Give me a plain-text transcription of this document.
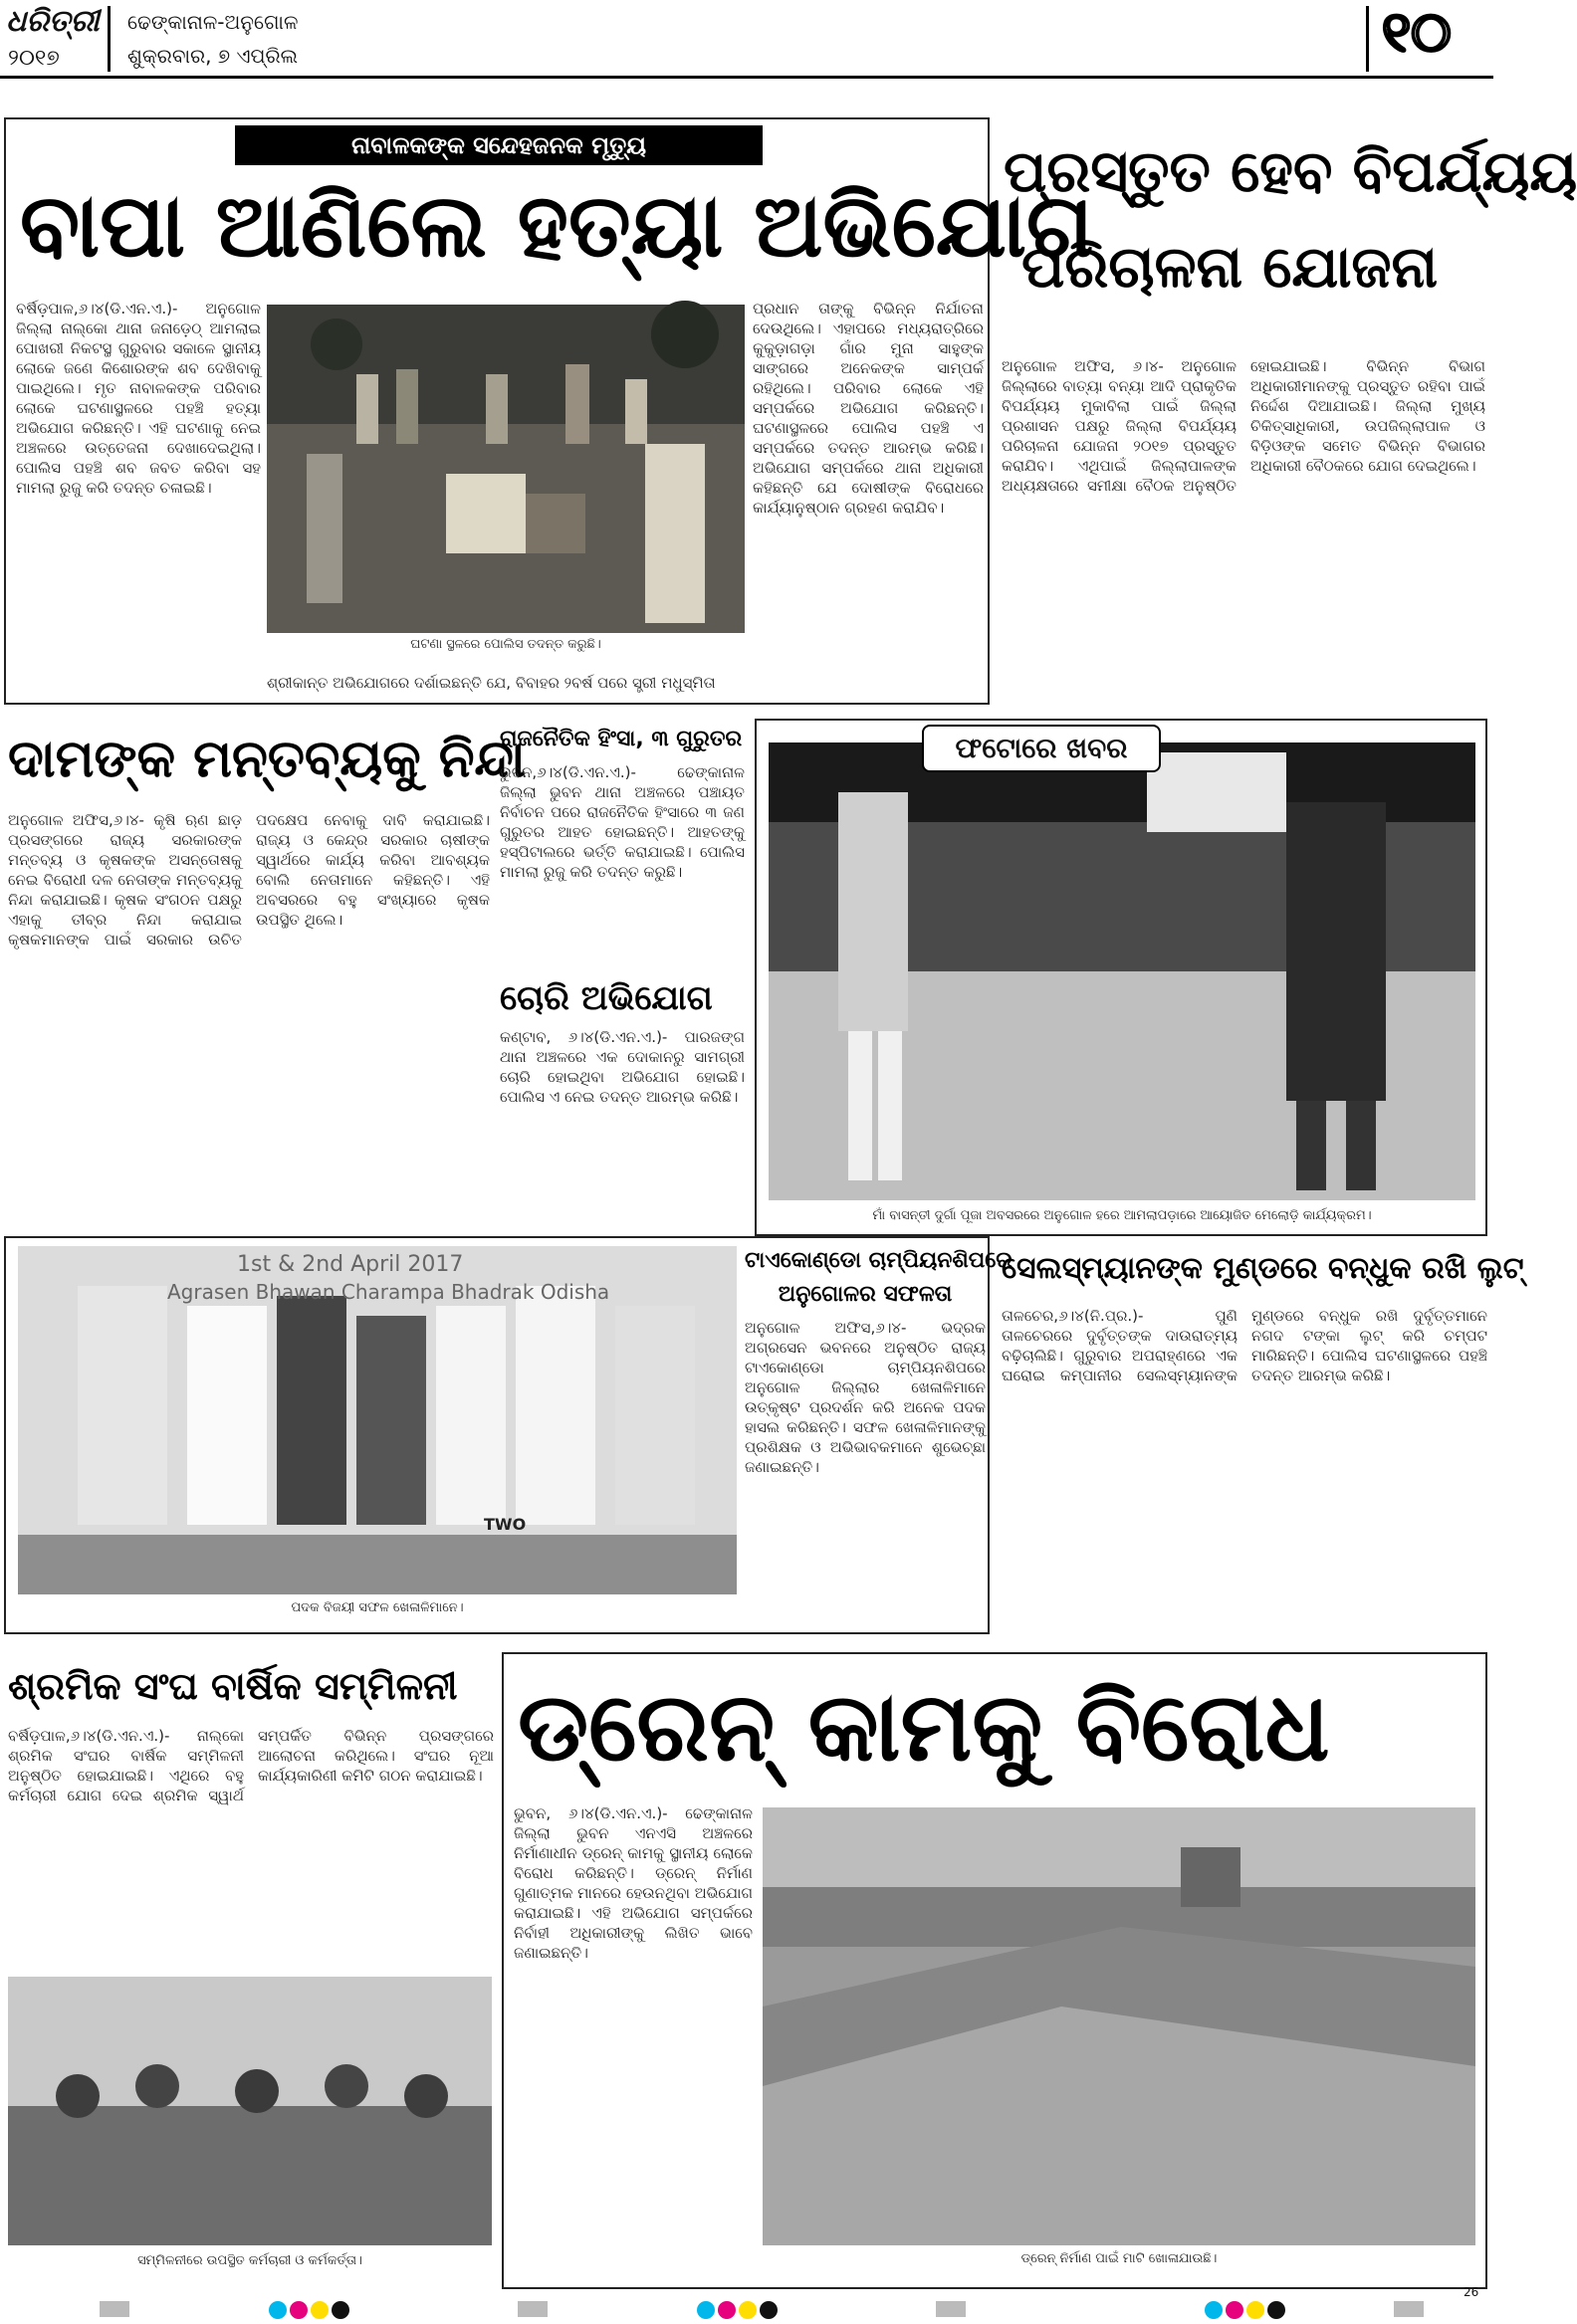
ଧରିତ୍ରୀ
୨୦୧୭
ଢେଙ୍କାନାଳ-ଅନୁଗୋଳ
ଶୁକ୍ରବାର, ୭ ଏପ୍ରିଲ	୧୦
ନାବାଳକଙ୍କ ସନ୍ଦେହଜନକ ମୃତ୍ୟୁ
ବାପା ଆଣିଲେ ହତ୍ୟା ଅଭିଯୋଗ
ବର୍ଷିଡ଼ପାଳ,୬।୪(ଡି.ଏନ.ଏ.)- ଅନୁଗୋଳ ଜିଲ୍ଲା ନାଲ୍କୋ ଥାନା ଜନାଡ଼େଠ୍ ଆମଲାଇ ପୋଖରୀ ନିକଟସ୍ଥ ଗୁରୁବାର ସକାଳେ ସ୍ଥାନୀୟ ଲୋକେ ଜଣେ କିଶୋରଙ୍କ ଶବ ଦେଖିବାକୁ ପାଇଥିଲେ। ମୃତ ନାବାଳକଙ୍କ ପରିବାର ଲୋକେ ଘଟଣାସ୍ଥଳରେ ପହଞ୍ଚି ହତ୍ୟା ଅଭିଯୋଗ କରିଛନ୍ତି। ଏହି ଘଟଣାକୁ ନେଇ ଅଞ୍ଚଳରେ ଉତ୍ତେଜନା ଦେଖାଦେଇଥିଲା। ପୋଲିସ ପହଞ୍ଚି ଶବ ଜବତ କରିବା ସହ ମାମଲା ରୁଜୁ କରି ତଦନ୍ତ ଚଳାଇଛି।
ଘଟଣା ସ୍ଥଳରେ ପୋଲିସ ତଦନ୍ତ କରୁଛି।
ପ୍ରଧାନ ତାଙ୍କୁ ବିଭିନ୍ନ ନିର୍ଯାତନା ଦେଉଥିଲେ। ଏହାପରେ ମଧ୍ୟରାତ୍ରିରେ କୁକୁଡ଼ାଗଡ଼ା ଗାଁର ମୁନା ସାହୁଙ୍କ ସାଙ୍ଗରେ ଅନେକଙ୍କ ସାମ୍ପର୍କ ରହିଥିଲେ। ପରିବାର ଲୋକେ ଏହି ସମ୍ପର୍କରେ ଅଭିଯୋଗ କରିଛନ୍ତି। ଘଟଣାସ୍ଥଳରେ ପୋଲିସ ପହଞ୍ଚି ଏ ସମ୍ପର୍କରେ ତଦନ୍ତ ଆରମ୍ଭ କରିଛି। ଅଭିଯୋଗ ସମ୍ପର୍କରେ ଥାନା ଅଧିକାରୀ କହିଛନ୍ତି ଯେ ଦୋଷୀଙ୍କ ବିରୋଧରେ କାର୍ଯ୍ୟାନୁଷ୍ଠାନ ଗ୍ରହଣ କରାଯିବ।
ଶ୍ରୀକାନ୍ତ ଅଭିଯୋଗରେ ଦର୍ଶାଇଛନ୍ତି ଯେ, ବିବାହର ୨ବର୍ଷ ପରେ ସ୍ତ୍ରୀ ମଧୁସ୍ମିତା
ପ୍ରସ୍ତୁତ ହେବ ବିପର୍ଯ୍ୟୟ
ପରିଚାଳନା ଯୋଜନା
ଅନୁଗୋଳ ଅଫିସ, ୬।୪- ଅନୁଗୋଳ ଜିଲ୍ଲାରେ ବାତ୍ୟା ବନ୍ୟା ଆଦି ପ୍ରାକୃତିକ ବିପର୍ଯ୍ୟୟ ମୁକାବିଲା ପାଇଁ ଜିଲ୍ଲା ପ୍ରଶାସନ ପକ୍ଷରୁ ଜିଲ୍ଲା ବିପର୍ଯ୍ୟୟ ପରିଚାଳନା ଯୋଜନା ୨୦୧୭ ପ୍ରସ୍ତୁତ କରାଯିବ। ଏଥିପାଇଁ ଜିଲ୍ଲାପାଳଙ୍କ ଅଧ୍ୟକ୍ଷତାରେ ସମୀକ୍ଷା ବୈଠକ ଅନୁଷ୍ଠିତ ହୋଇଯାଇଛି। ବିଭିନ୍ନ ବିଭାଗ ଅଧିକାରୀମାନଙ୍କୁ ପ୍ରସ୍ତୁତ ରହିବା ପାଇଁ ନିର୍ଦ୍ଦେଶ ଦିଆଯାଇଛି। ଜିଲ୍ଲା ମୁଖ୍ୟ ଚିକିତ୍ସାଧିକାରୀ, ଉପଜିଲ୍ଲାପାଳ ଓ ବିଡ଼ିଓଙ୍କ ସମେତ ବିଭିନ୍ନ ବିଭାଗର ଅଧିକାରୀ ବୈଠକରେ ଯୋଗ ଦେଇଥିଲେ।
ଦାମଙ୍କ ମନ୍ତବ୍ୟକୁ ନିନ୍ଦା
ଅନୁଗୋଳ ଅଫିସ,୬।୪- କୃଷି ଋଣ ଛାଡ଼ ପ୍ରସଙ୍ଗରେ ରାଜ୍ୟ ସରକାରଙ୍କ ମନ୍ତବ୍ୟ ଓ କୃଷକଙ୍କ ଅସନ୍ତୋଷକୁ ନେଇ ବିରୋଧୀ ଦଳ ନେତାଙ୍କ ମନ୍ତବ୍ୟକୁ ନିନ୍ଦା କରାଯାଇଛି। କୃଷକ ସଂଗଠନ ପକ୍ଷରୁ ଏହାକୁ ତୀବ୍ର ନିନ୍ଦା କରାଯାଇ କୃଷକମାନଙ୍କ ପାଇଁ ସରକାର ଉଚିତ ପଦକ୍ଷେପ ନେବାକୁ ଦାବି କରାଯାଇଛି। ରାଜ୍ୟ ଓ କେନ୍ଦ୍ର ସରକାର ଚାଷୀଙ୍କ ସ୍ୱାର୍ଥରେ କାର୍ଯ୍ୟ କରିବା ଆବଶ୍ୟକ ବୋଲି ନେତାମାନେ କହିଛନ୍ତି। ଏହି ଅବସରରେ ବହୁ ସଂଖ୍ୟାରେ କୃଷକ ଉପସ୍ଥିତ ଥିଲେ।
ରାଜନୈତିକ ହିଂସା, ୩ ଗୁରୁତର
ଭୁବନ,୬।୪(ଡି.ଏନ.ଏ.)- ଢେଙ୍କାନାଳ ଜିଲ୍ଲା ଭୁବନ ଥାନା ଅଞ୍ଚଳରେ ପଞ୍ଚାୟତ ନିର୍ବାଚନ ପରେ ରାଜନୈତିକ ହିଂସାରେ ୩ ଜଣ ଗୁରୁତର ଆହତ ହୋଇଛନ୍ତି। ଆହତଙ୍କୁ ହସ୍ପିଟାଲରେ ଭର୍ତ୍ତି କରାଯାଇଛି। ପୋଲିସ ମାମଲା ରୁଜୁ କରି ତଦନ୍ତ କରୁଛି।
ଚୋରି ଅଭିଯୋଗ
କଣ୍ଟାବ, ୬।୪(ଡି.ଏନ.ଏ.)- ପାରଜଙ୍ଗ ଥାନା ଅଞ୍ଚଳରେ ଏକ ଦୋକାନରୁ ସାମଗ୍ରୀ ଚୋରି ହୋଇଥିବା ଅଭିଯୋଗ ହୋଇଛି। ପୋଲିସ ଏ ନେଇ ତଦନ୍ତ ଆରମ୍ଭ କରିଛି।
ଫଟୋରେ ଖବର
ମାଁ ବାସନ୍ତୀ ଦୁର୍ଗା ପୂଜା ଅବସରରେ ଅନୁଗୋଳ ହରେ ଆମଲାପଡ଼ାରେ ଆୟୋଜିତ ମେଲୋଡ଼ି କାର୍ଯ୍ୟକ୍ରମ।
1st & 2nd April 2017
Agrasen Bhawan Charampa Bhadrak Odisha
TWO
ପଦକ ବିଜୟୀ ସଫଳ ଖେଳାଳିମାନେ।
ଟାଏକୋଣ୍ଡୋ ଚାମ୍ପିୟନଶିପରେ
ଅନୁଗୋଳର ସଫଳତା
ଅନୁଗୋଳ ଅଫିସ,୬।୪- ଭଦ୍ରକ ଅଗ୍ରସେନ ଭବନରେ ଅନୁଷ୍ଠିତ ରାଜ୍ୟ ଟାଏକୋଣ୍ଡୋ ଚାମ୍ପିୟନଶିପରେ ଅନୁଗୋଳ ଜିଲ୍ଲାର ଖେଳାଳିମାନେ ଉତ୍କୃଷ୍ଟ ପ୍ରଦର୍ଶନ କରି ଅନେକ ପଦକ ହାସଲ କରିଛନ୍ତି। ସଫଳ ଖେଳାଳିମାନଙ୍କୁ ପ୍ରଶିକ୍ଷକ ଓ ଅଭିଭାବକମାନେ ଶୁଭେଚ୍ଛା ଜଣାଇଛନ୍ତି।
ସେଲସ୍‌ମ୍ୟାନଙ୍କ ମୁଣ୍ଡରେ ବନ୍ଧୁକ ରଖି ଲୁଟ୍
ତାଳଚେର,୬।୪(ନି.ପ୍ର.)- ପୁଣି ତାଳଚେରରେ ଦୁର୍ବୃତ୍ତଙ୍କ ଦାଉରାତ୍ମ୍ୟ ବଢ଼ିଚାଲିଛି। ଗୁରୁବାର ଅପରାହ୍ଣରେ ଏକ ଘରୋଇ କମ୍ପାନୀର ସେଲସ୍‌ମ୍ୟାନଙ୍କ ମୁଣ୍ଡରେ ବନ୍ଧୁକ ରଖି ଦୁର୍ବୃତ୍ତମାନେ ନଗଦ ଟଙ୍କା ଲୁଟ୍ କରି ଚମ୍ପଟ ମାରିଛନ୍ତି। ପୋଲିସ ଘଟଣାସ୍ଥଳରେ ପହଞ୍ଚି ତଦନ୍ତ ଆରମ୍ଭ କରିଛି।
ଶ୍ରମିକ ସଂଘ ବାର୍ଷିକ ସମ୍ମିଳନୀ
ବର୍ଷିଡ଼ପାଳ,୬।୪(ଡି.ଏନ.ଏ.)- ନାଲ୍କୋ ଶ୍ରମିକ ସଂଘର ବାର୍ଷିକ ସମ୍ମିଳନୀ ଅନୁଷ୍ଠିତ ହୋଇଯାଇଛି। ଏଥିରେ ବହୁ କର୍ମଚାରୀ ଯୋଗ ଦେଇ ଶ୍ରମିକ ସ୍ୱାର୍ଥ ସମ୍ପର୍କିତ ବିଭିନ୍ନ ପ୍ରସଙ୍ଗରେ ଆଲୋଚନା କରିଥିଲେ। ସଂଘର ନୂଆ କାର୍ଯ୍ୟକାରିଣୀ କମିଟି ଗଠନ କରାଯାଇଛି।
ସମ୍ମିଳନୀରେ ଉପସ୍ଥିତ କର୍ମଚାରୀ ଓ କର୍ମକର୍ତ୍ତା।
ଡ୍ରେନ୍ କାମକୁ ବିରୋଧ
ଭୁବନ, ୬।୪(ଡି.ଏନ.ଏ.)- ଢେଙ୍କାନାଳ ଜିଲ୍ଲା ଭୁବନ ଏନଏସି ଅଞ୍ଚଳରେ ନିର୍ମାଣାଧୀନ ଡ୍ରେନ୍ କାମକୁ ସ୍ଥାନୀୟ ଲୋକେ ବିରୋଧ କରିଛନ୍ତି। ଡ୍ରେନ୍ ନିର୍ମାଣ ଗୁଣାତ୍ମକ ମାନରେ ହେଉନଥିବା ଅଭିଯୋଗ କରାଯାଇଛି। ଏହି ଅଭିଯୋଗ ସମ୍ପର୍କରେ ନିର୍ବାହୀ ଅଧିକାରୀଙ୍କୁ ଲିଖିତ ଭାବେ ଜଣାଇଛନ୍ତି।
ଡ୍ରେନ୍ ନିର୍ମାଣ ପାଇଁ ମାଟି ଖୋଳାଯାଉଛି।
26
